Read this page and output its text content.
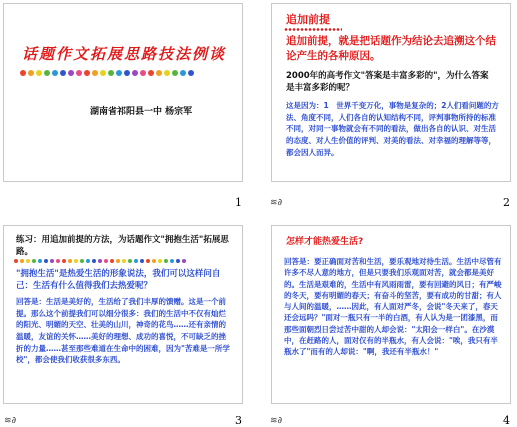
话题作文拓展思路技法例谈
湖南省祁阳县一中 杨宗军
1
追加前提
追加前提，就是把话题作为结论去追溯这个结论产生的各种原因。
2000年的高考作文"答案是丰富多彩的"，为什么答案是丰富多彩的呢？
这是因为：1　世界千变万化，事物是复杂的；2人们看问题的方法、角度不同，人们各自的认知结构不同，评判事物所持的标准不同，对同一事物就会有不同的看法，做出各自的认识、对生活的态度、对人生价值的评判、对美的看法、对幸福的理解等等，都会因人而异。
≋∂	2
练习：用追加前提的方法，为话题作文"拥抱生活"拓展思路。
"拥抱生活"是热爱生活的形象说法，我们可以这样问自己：生活有什么值得我们去热爱呢？
回答是：生活是美好的，生活给了我们丰厚的馈赠。这是一个前提。那么这个前提我们可以细分很多：我们的生活中不仅有灿烂的阳光、明媚的天空、壮美的山川，神奇的花鸟……还有亲情的温暖，友谊的关怀……美好的理想、成功的喜悦，不可缺乏的挫折的力量……甚至那些难道在生命中的困难，因为"苦难是一所学校"，都会使我们收获很多东西。
≋∂	3
怎样才能热爱生活?
回答是：要正确面对苦和生活，要乐观地对待生活。生活中尽管有许多不尽人意的地方，但是只要我们乐观面对苦，就会都是美好的。生活是艰难的，生活中有风雨雨雷，要有回避的风日；有严峻的冬天，要有明媚的春天；有奋斗的坚苦，要有成功的甘甜；有人与人间的温暖，……因此，有人面对严冬，会说"冬天来了，春天还会远吗？"面对一瓶只有一半的白酒，有人认为是一团漆黑，而那些面朝烈日尝过苦中甜的人却会说："太阳会一样白"。在沙漠中，在赶路的人，面对仅有的半瓶水，有人会说："唉，我只有半瓶水了"而有的人却说："啊，我还有半瓶水！"
≋∂	4
